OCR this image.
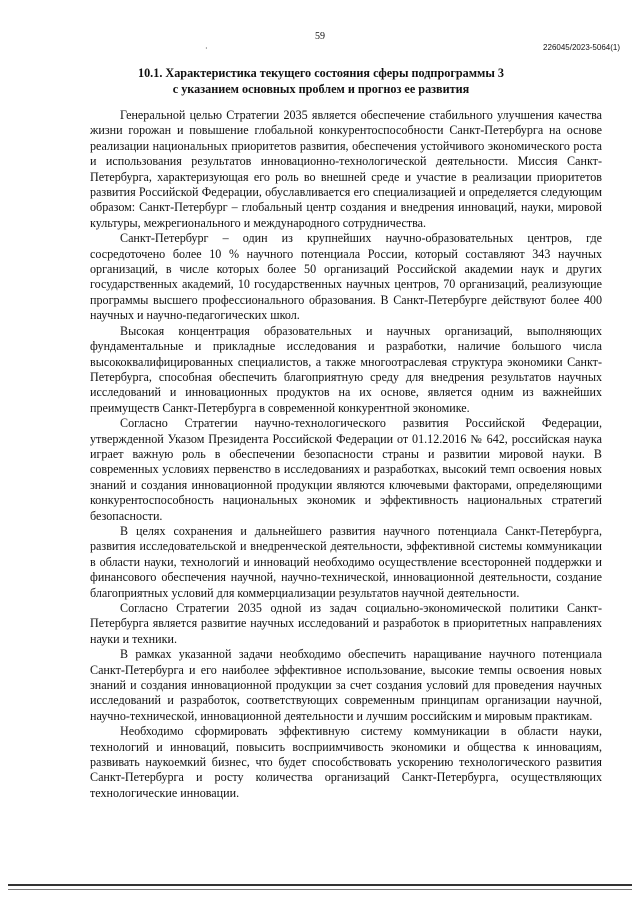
59
·	226045/2023-5064(1)
10.1. Характеристика текущего состояния сферы подпрограммы 3
с указанием основных проблем и прогноз ее развития

Генеральной целью Стратегии 2035 является обеспечение стабильного улучшения качества жизни горожан и повышение глобальной конкурентоспособности Санкт-Петербурга на основе реализации национальных приоритетов развития, обеспечения устойчивого экономического роста и использования результатов инновационно-технологической деятельности. Миссия Санкт-Петербурга, характеризующая его роль во внешней среде и участие в реализации приоритетов развития Российской Федерации, обуславливается его специализацией и определяется следующим образом: Санкт-Петербург – глобальный центр создания и внедрения инноваций, науки, мировой культуры, межрегионального и международного сотрудничества.

Санкт-Петербург – один из крупнейших научно-образовательных центров, где сосредоточено более 10 % научного потенциала России, который составляют 343 научных организаций, в числе которых более 50 организаций Российской академии наук и других государственных академий, 10 государственных научных центров, 70 организаций, реализующие программы высшего профессионального образования. В Санкт-Петербурге действуют более 400 научных и научно-педагогических школ.

Высокая концентрация образовательных и научных организаций, выполняющих фундаментальные и прикладные исследования и разработки, наличие большого числа высококвалифицированных специалистов, а также многоотраслевая структура экономики Санкт-Петербурга, способная обеспечить благоприятную среду для внедрения результатов научных исследований и инновационных продуктов на их основе, является одним из важнейших преимуществ Санкт-Петербурга в современной конкурентной экономике.

Согласно Стратегии научно-технологического развития Российской Федерации, утвержденной Указом Президента Российской Федерации от 01.12.2016 № 642, российская наука играет важную роль в обеспечении безопасности страны и развитии мировой науки. В современных условиях первенство в исследованиях и разработках, высокий темп освоения новых знаний и создания инновационной продукции являются ключевыми факторами, определяющими конкурентоспособность национальных экономик и эффективность национальных стратегий безопасности.

В целях сохранения и дальнейшего развития научного потенциала Санкт-Петербурга, развития исследовательской и внедренческой деятельности, эффективной системы коммуникации в области науки, технологий и инноваций необходимо осуществление всесторонней поддержки и финансового обеспечения научной, научно-технической, инновационной деятельности, создание благоприятных условий для коммерциализации результатов научной деятельности.

Согласно Стратегии 2035 одной из задач социально-экономической политики Санкт-Петербурга является развитие научных исследований и разработок в приоритетных направлениях науки и техники.

В рамках указанной задачи необходимо обеспечить наращивание научного потенциала Санкт-Петербурга и его наиболее эффективное использование, высокие темпы освоения новых знаний и создания инновационной продукции за счет создания условий для проведения научных исследований и разработок, соответствующих современным принципам организации научной, научно-технической, инновационной деятельности и лучшим российским и мировым практикам.

Необходимо сформировать эффективную систему коммуникации в области науки, технологий и инноваций, повысить восприимчивость экономики и общества к инновациям, развивать наукоемкий бизнес, что будет способствовать ускорению технологического развития Санкт-Петербурга и росту количества организаций Санкт-Петербурга, осуществляющих технологические инновации.
